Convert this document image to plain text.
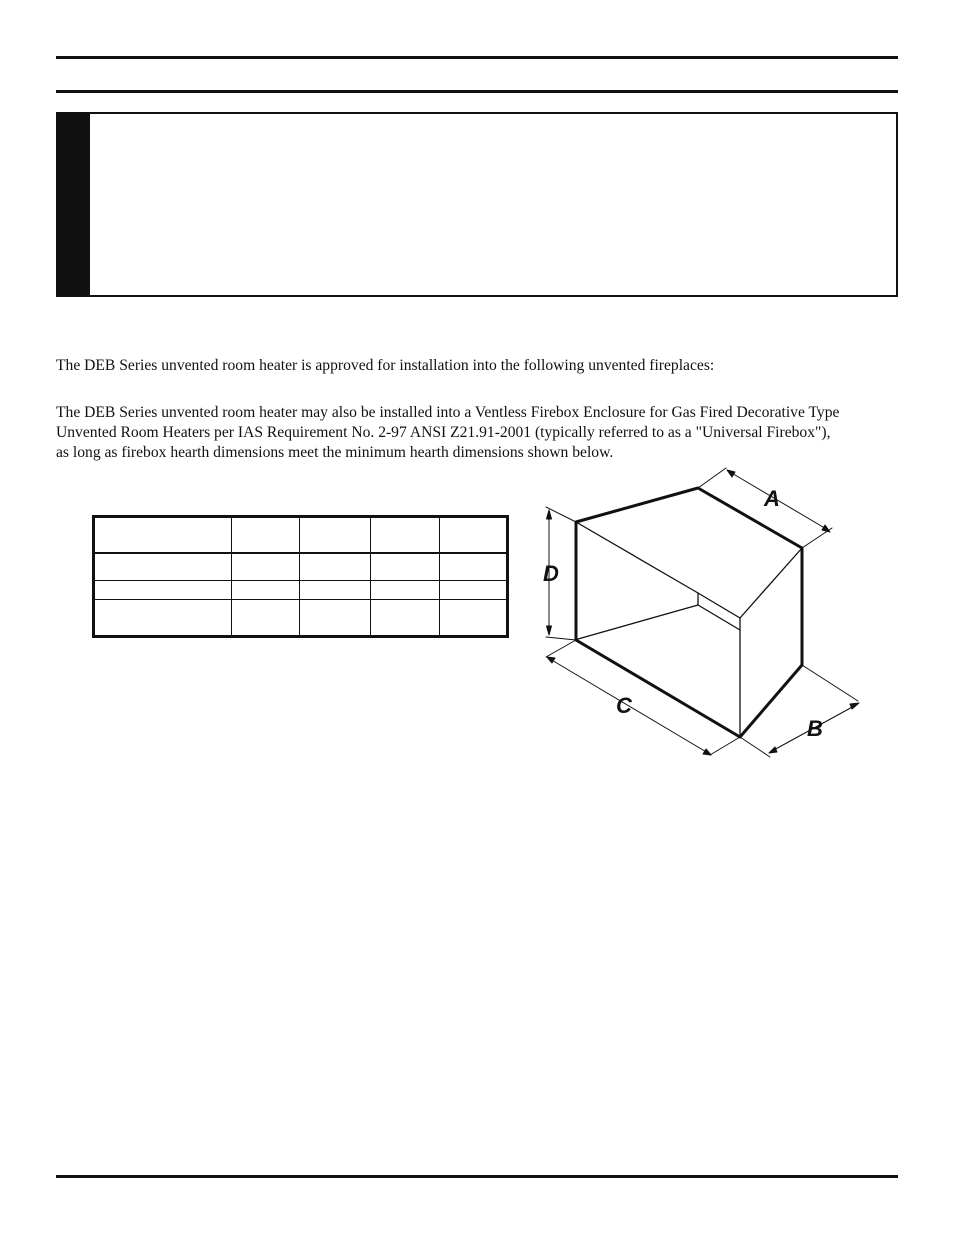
The DEB Series unvented room heater is approved for installation into the following unvented fireplaces:
The DEB Series unvented room heater may also be installed into a Ventless Firebox Enclosure for Gas Fired Decorative Type
Unvented Room Heaters per IAS Requirement No. 2-97 ANSI Z21.91-2001 (typically referred to as a "Universal Firebox"),
as long as firebox hearth dimensions meet the minimum hearth dimensions shown below.

A
D
C
B
